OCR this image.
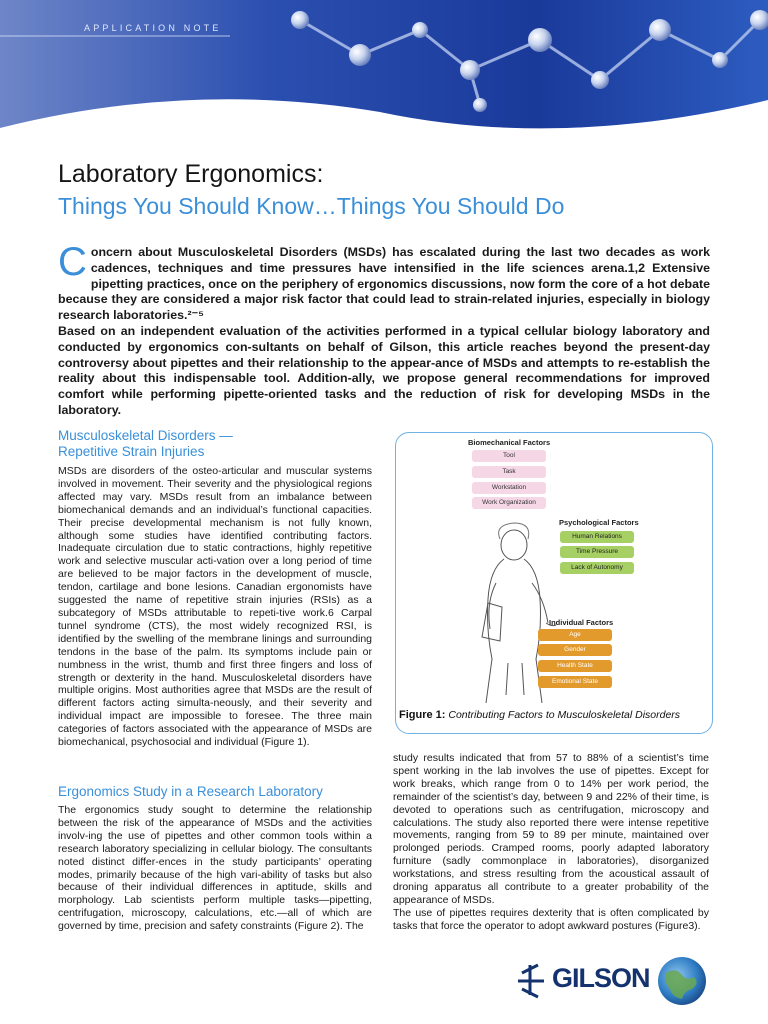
APPLICATION NOTE
Laboratory Ergonomics:
Things You Should Know…Things You Should Do
C oncern about Musculoskeletal Disorders (MSDs) has escalated during the last two decades as work cadences, techniques and time pressures have intensified in the life sciences arena.1,2 Extensive pipetting practices, once on the periphery of ergonomics discussions, now form the core of a hot debate because they are considered a major risk factor that could lead to strain-related injuries, especially in biology research laboratories.²⁻⁵

Based on an independent evaluation of the activities performed in a typical cellular biology laboratory and conducted by ergonomics con-sultants on behalf of Gilson, this article reaches beyond the present-day controversy about pipettes and their relationship to the appear-ance of MSDs and attempts to re-establish the reality about this indispensable tool. Addition-ally, we propose general recommendations for improved comfort while performing pipette-oriented tasks and the reduction of risk for developing MSDs in the laboratory.

Musculoskeletal Disorders —
Repetitive Strain Injuries

MSDs are disorders of the osteo-articular and muscular systems involved in movement. Their severity and the physiological regions affected may vary. MSDs result from an imbalance between biomechanical demands and an individual’s functional capacities. Their precise developmental mechanism is not fully known, although some studies have identified contributing factors. Inadequate circulation due to static contractions, highly repetitive work and selective muscular acti-vation over a long period of time are believed to be major factors in the development of muscle, tendon, cartilage and bone lesions. Canadian ergonomists have suggested the name of repetitive strain injuries (RSIs) as a subcategory of MSDs attributable to repeti-tive work.6 Carpal tunnel syndrome (CTS), the most widely recognized RSI, is identified by the swelling of the membrane linings and surrounding tendons in the base of the palm. Its symptoms include pain or numbness in the wrist, thumb and first three fingers and loss of strength or dexterity in the hand. Musculoskeletal disorders have multiple origins. Most authorities agree that MSDs are the result of different factors acting simulta-neously, and their severity and individual impact are impossible to foresee. The three main categories of factors associated with the appearance of MSDs are biomechanical, psychosocial and individual (Figure 1).

Ergonomics Study in a Research Laboratory

The ergonomics study sought to determine the relationship between the risk of the appearance of MSDs and the activities involv-ing the use of pipettes and other common tools within a research laboratory specializing in cellular biology. The consultants noted distinct differ-ences in the study participants’ operating modes, primarily because of the high vari-ability of tasks but also because of their individual differences in aptitude, skills and morphology. Lab scientists perform multiple tasks—pipetting, centrifugation, microscopy, calculations, etc.—all of which are governed by time, precision and safety constraints (Figure 2). The

Biomechanical Factors
Tool
Task
Workstation
Work Organization
Psychological Factors
Human Relations
Time Pressure
Lack of Autonomy
Individual Factors
Age
Gender
Health State
Emotional State
Figure 1: Contributing Factors to Musculoskeletal Disorders

study results indicated that from 57 to 88% of a scientist’s time spent working in the lab involves the use of pipettes. Except for work breaks, which range from 0 to 14% per work period, the remainder of the scientist’s day, between 9 and 22% of their time, is devoted to operations such as centrifugation, microscopy and calculations. The study also reported there were intense repetitive movements, ranging from 59 to 89 per minute, maintained over prolonged periods. Cramped rooms, poorly adapted laboratory furniture (sadly commonplace in laboratories), disorganized workstations, and stress resulting from the acoustical assault of droning apparatus all contribute to a greater probability of the appearance of MSDs.

The use of pipettes requires dexterity that is often complicated by tasks that force the operator to adopt awkward postures (Figure3).

GILSON
